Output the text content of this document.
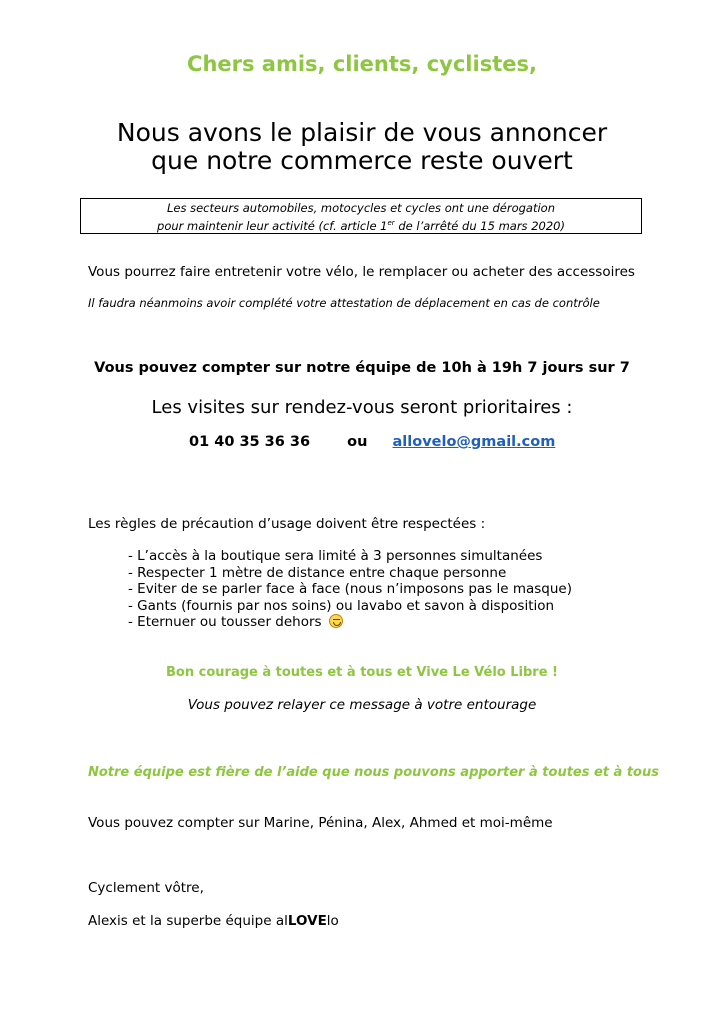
Chers amis, clients, cyclistes,
Nous avons le plaisir de vous annoncer
que notre commerce reste ouvert
Les secteurs automobiles, motocycles et cycles ont une dérogation
pour maintenir leur activité (cf. article 1er de l’arrêté du 15 mars 2020)
Vous pourrez faire entretenir votre vélo, le remplacer ou acheter des accessoires
Il faudra néanmoins avoir complété votre attestation de déplacement en cas de contrôle
Vous pouvez compter sur notre équipe de 10h à 19h 7 jours sur 7
Les visites sur rendez-vous seront prioritaires :
01 40 35 36 36	ou allovelo@gmail.com
Les règles de précaution d’usage doivent être respectées :
- L’accès à la boutique sera limité à 3 personnes simultanées
- Respecter 1 mètre de distance entre chaque personne
- Eviter de se parler face à face (nous n’imposons pas le masque)
- Gants (fournis par nos soins) ou lavabo et savon à disposition
- Eternuer ou tousser dehors
Bon courage à toutes et à tous et Vive Le Vélo Libre !
Vous pouvez relayer ce message à votre entourage
Notre équipe est fière de l’aide que nous pouvons apporter à toutes et à tous
Vous pouvez compter sur Marine, Pénina, Alex, Ahmed et moi-même
Cyclement vôtre,
Alexis et la superbe équipe alLOVElo
